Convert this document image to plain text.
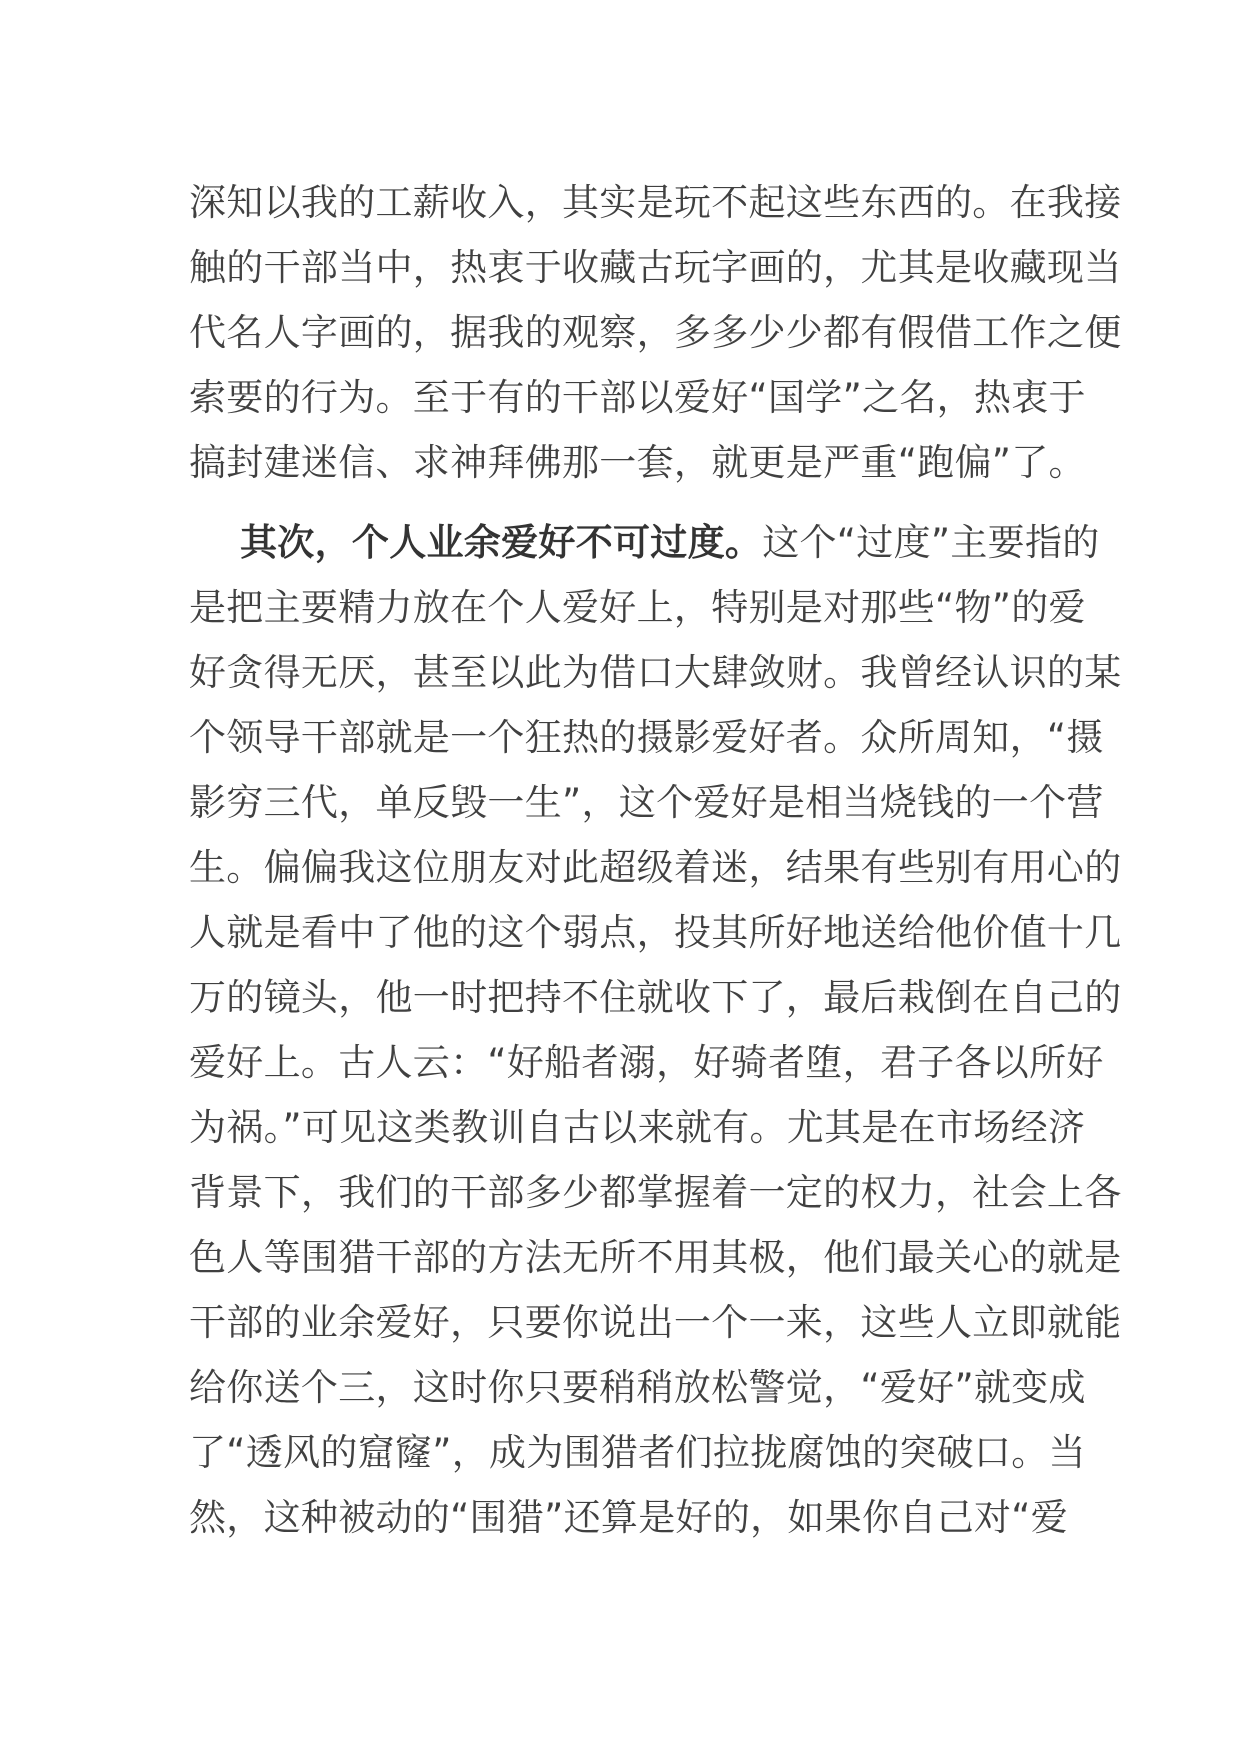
深知以我的工薪收入，其实是玩不起这些东西的。在我接
触的干部当中，热衷于收藏古玩字画的，尤其是收藏现当
代名人字画的，据我的观察，多多少少都有假借工作之便
索要的行为。至于有的干部以爱好“国学”之名，热衷于
搞封建迷信、求神拜佛那一套，就更是严重“跑偏”了。
其次，个人业余爱好不可过度。这个“过度”主要指的
是把主要精力放在个人爱好上，特别是对那些“物”的爱
好贪得无厌，甚至以此为借口大肆敛财。我曾经认识的某
个领导干部就是一个狂热的摄影爱好者。众所周知，“摄
影穷三代，单反毁一生”，这个爱好是相当烧钱的一个营
生。偏偏我这位朋友对此超级着迷，结果有些别有用心的
人就是看中了他的这个弱点，投其所好地送给他价值十几
万的镜头，他一时把持不住就收下了，最后栽倒在自己的
爱好上。古人云：“好船者溺，好骑者堕，君子各以所好
为祸。”可见这类教训自古以来就有。尤其是在市场经济
背景下，我们的干部多少都掌握着一定的权力，社会上各
色人等围猎干部的方法无所不用其极，他们最关心的就是
干部的业余爱好，只要你说出一个一来，这些人立即就能
给你送个三，这时你只要稍稍放松警觉，“爱好”就变成
了“透风的窟窿”，成为围猎者们拉拢腐蚀的突破口。当
然，这种被动的“围猎”还算是好的，如果你自己对“爱
